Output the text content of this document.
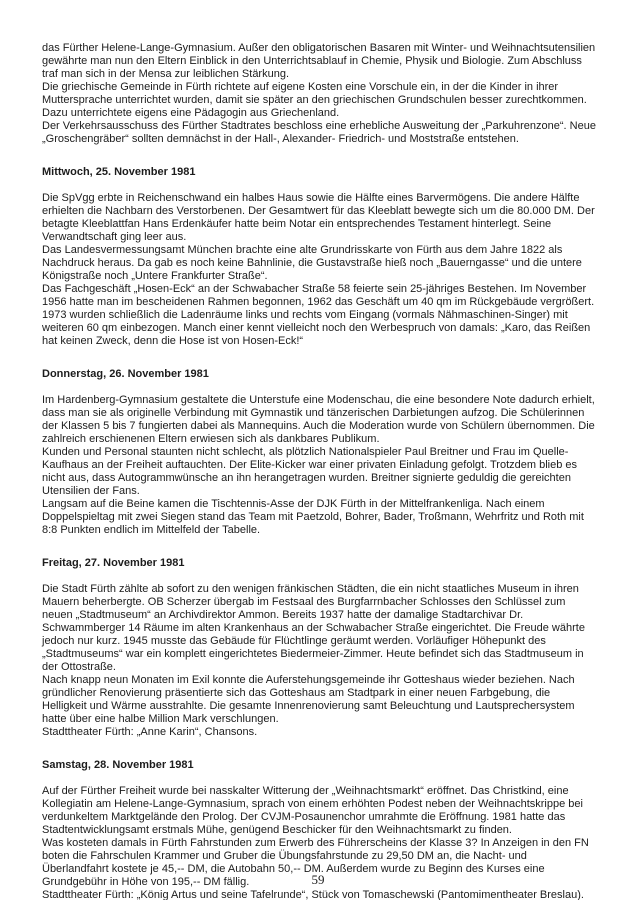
das Fürther Helene-Lange-Gymnasium. Außer den obligatorischen Basaren mit Winter- und Weihnachtsutensilien gewährte man nun den Eltern Einblick in den Unterrichtsablauf in Chemie, Physik und Biologie. Zum Abschluss traf man sich in der Mensa zur leiblichen Stärkung.

Die griechische Gemeinde in Fürth richtete auf eigene Kosten eine Vorschule ein, in der die Kinder in ihrer Muttersprache unterrichtet wurden, damit sie später an den griechischen Grundschulen besser zurechtkommen. Dazu unterrichtete eigens eine Pädagogin aus Griechenland.

Der Verkehrsausschuss des Fürther Stadtrates beschloss eine erhebliche Ausweitung der „Parkuhrenzone“. Neue „Groschengräber“ sollten demnächst in der Hall-, Alexander- Friedrich- und Moststraße entstehen.

Mittwoch, 25. November 1981

Die SpVgg erbte in Reichenschwand ein halbes Haus sowie die Hälfte eines Barvermögens. Die andere Hälfte erhielten die Nachbarn des Verstorbenen. Der Gesamtwert für das Kleeblatt bewegte sich um die 80.000 DM. Der betagte Kleeblattfan Hans Erdenkäufer hatte beim Notar ein entsprechendes Testament hinterlegt. Seine Verwandtschaft ging leer aus.

Das Landesvermessungsamt München brachte eine alte Grundrisskarte von Fürth aus dem Jahre 1822 als Nachdruck heraus. Da gab es noch keine Bahnlinie, die Gustavstraße hieß noch „Bauerngasse“ und die untere Königstraße noch „Untere Frankfurter Straße“.

Das Fachgeschäft „Hosen-Eck“ an der Schwabacher Straße 58 feierte sein 25-jähriges Bestehen. Im November 1956 hatte man im bescheidenen Rahmen begonnen, 1962 das Geschäft um 40 qm im Rückgebäude vergrößert. 1973 wurden schließlich die Ladenräume links und rechts vom Eingang (vormals Nähmaschinen-Singer) mit weiteren 60 qm einbezogen. Manch einer kennt vielleicht noch den Werbespruch von damals: „Karo, das Reißen hat keinen Zweck, denn die Hose ist von Hosen-Eck!“

Donnerstag, 26. November 1981

Im Hardenberg-Gymnasium gestaltete die Unterstufe eine Modenschau, die eine besondere Note dadurch erhielt, dass man sie als originelle Verbindung mit Gymnastik und tänzerischen Darbietungen aufzog. Die Schülerinnen der Klassen 5 bis 7 fungierten dabei als Mannequins. Auch die Moderation wurde von Schülern übernommen. Die zahlreich erschienenen Eltern erwiesen sich als dankbares Publikum.

Kunden und Personal staunten nicht schlecht, als plötzlich Nationalspieler Paul Breitner und Frau im Quelle-Kaufhaus an der Freiheit auftauchten. Der Elite-Kicker war einer privaten Einladung gefolgt. Trotzdem blieb es nicht aus, dass Autogrammwünsche an ihn herangetragen wurden. Breitner signierte geduldig die gereichten Utensilien der Fans.

Langsam auf die Beine kamen die Tischtennis-Asse der DJK Fürth in der Mittelfrankenliga. Nach einem Doppelspieltag mit zwei Siegen stand das Team mit Paetzold, Bohrer, Bader, Troßmann, Wehrfritz und Roth mit 8:8 Punkten endlich im Mittelfeld der Tabelle.

Freitag, 27. November 1981

Die Stadt Fürth zählte ab sofort zu den wenigen fränkischen Städten, die ein nicht staatliches Museum in ihren Mauern beherbergte. OB Scherzer übergab im Festsaal des Burgfarrnbacher Schlosses den Schlüssel zum neuen „Stadtmuseum“ an Archivdirektor Ammon. Bereits 1937 hatte der damalige Stadtarchivar Dr. Schwammberger 14 Räume im alten Krankenhaus an der Schwabacher Straße eingerichtet. Die Freude währte jedoch nur kurz. 1945 musste das Gebäude für Flüchtlinge geräumt werden. Vorläufiger Höhepunkt des „Stadtmuseums“ war ein komplett eingerichtetes Biedermeier-Zimmer. Heute befindet sich das Stadtmuseum in der Ottostraße.

Nach knapp neun Monaten im Exil konnte die Auferstehungsgemeinde ihr Gotteshaus wieder beziehen. Nach gründlicher Renovierung präsentierte sich das Gotteshaus am Stadtpark in einer neuen Farbgebung, die Helligkeit und Wärme ausstrahlte. Die gesamte Innenrenovierung samt Beleuchtung und Lautsprechersystem hatte über eine halbe Million Mark verschlungen.

Stadttheater Fürth: „Anne Karin“, Chansons.

Samstag, 28. November 1981

Auf der Fürther Freiheit wurde bei nasskalter Witterung der „Weihnachtsmarkt“ eröffnet. Das Christkind, eine Kollegiatin am Helene-Lange-Gymnasium, sprach von einem erhöhten Podest neben der Weihnachtskrippe bei verdunkeltem Marktgelände den Prolog. Der CVJM-Posaunenchor umrahmte die Eröffnung. 1981 hatte das Stadtentwicklungsamt erstmals Mühe, genügend Beschicker für den Weihnachtsmarkt zu finden.

Was kosteten damals in Fürth Fahrstunden zum Erwerb des Führerscheins der Klasse 3? In Anzeigen in den FN boten die Fahrschulen Krammer und Gruber die Übungsfahrstunde zu 29,50 DM an, die Nacht- und Überlandfahrt kostete je 45,-- DM, die Autobahn 50,-- DM. Außerdem wurde zu Beginn des Kurses eine Grundgebühr in Höhe von 195,-- DM fällig.

Stadttheater Fürth: „König Artus und seine Tafelrunde“, Stück von Tomaschewski (Pantomimentheater Breslau).

59
